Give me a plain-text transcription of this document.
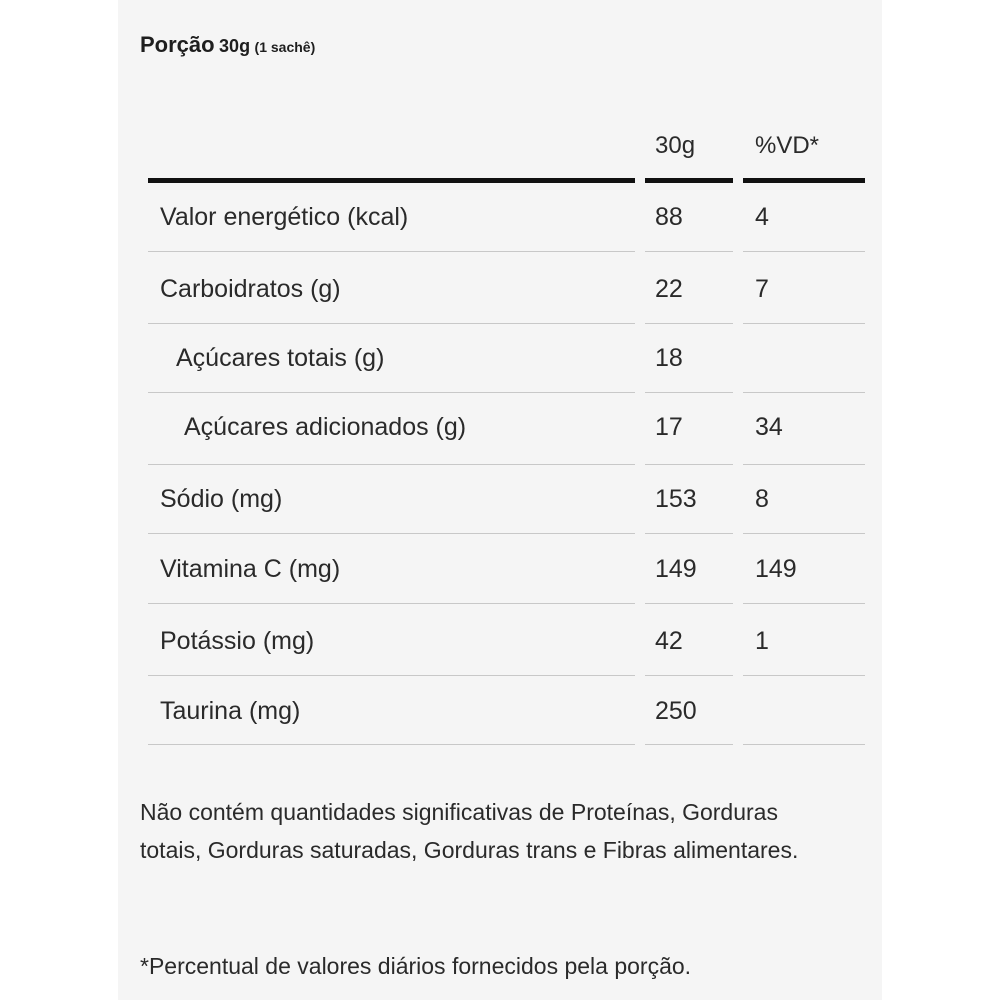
Porção 30g (1 sachê)
30g %VD*
Valor energético (kcal)	88	4
Carboidratos (g)	22	7
Açúcares totais (g)	18
Açúcares adicionados (g)	17	34
Sódio (mg)	153 8
Vitamina C (mg)	149 149
Potássio (mg)	42	1
Taurina (mg)	250
Não contém quantidades significativas de Proteínas, Gorduras totais, Gorduras saturadas, Gorduras trans e Fibras alimentares.
*Percentual de valores diários fornecidos pela porção.
